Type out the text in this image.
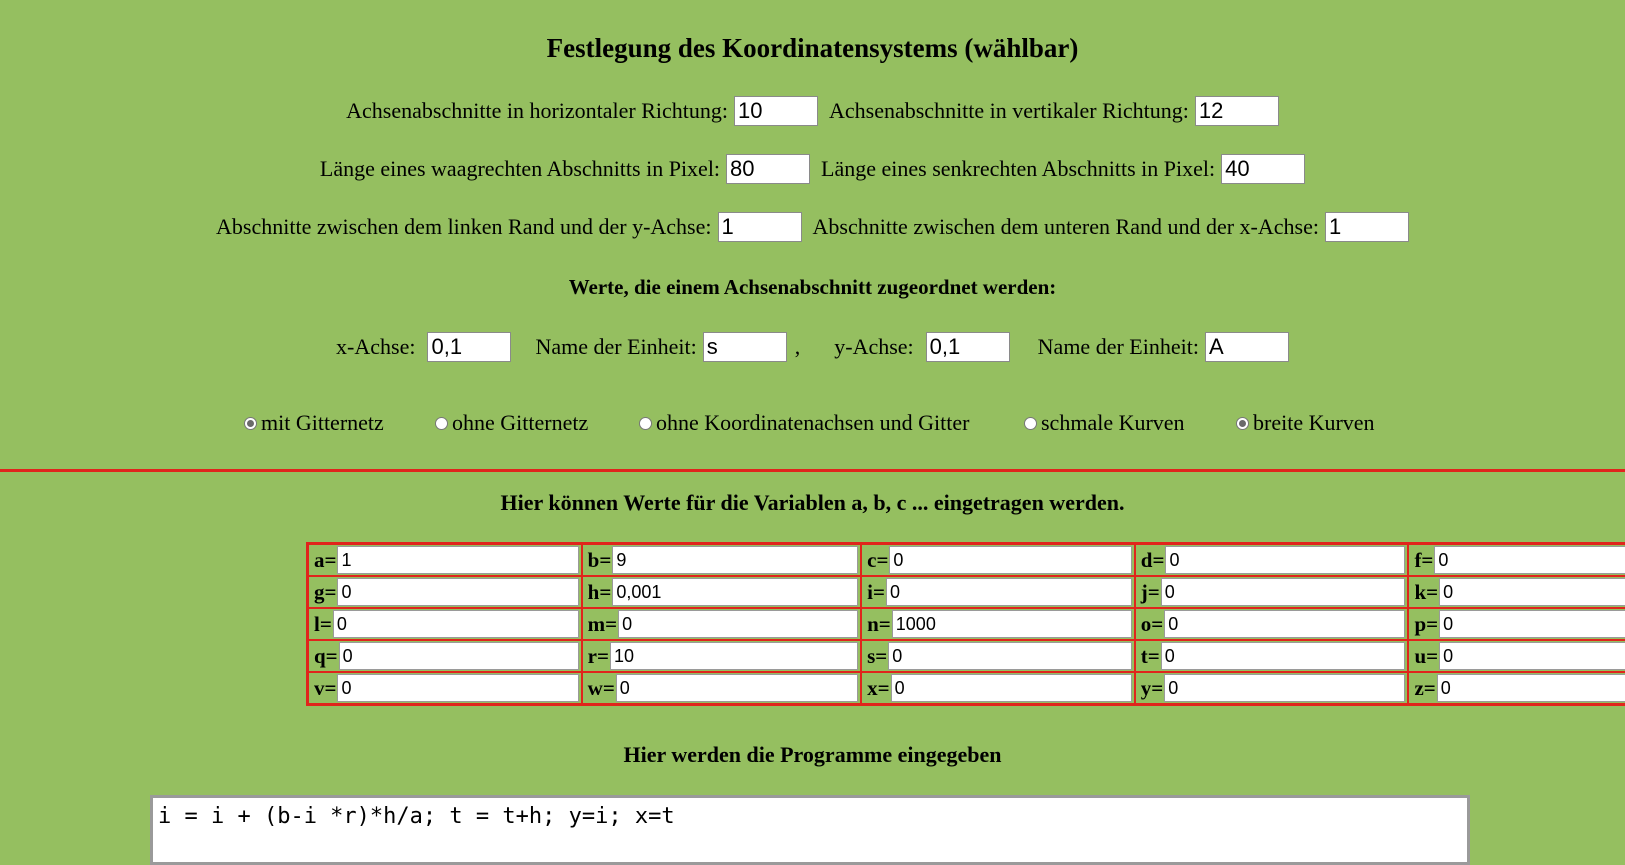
Festlegung des Koordinatensystems (wählbar)
Achsenabschnitte in horizontaler Richtung:
10	Achsenabschnitte in vertikaler Richtung:
12
Länge eines waagrechten Abschnitts in Pixel:
80	Länge eines senkrechten Abschnitts in Pixel:
40
Abschnitte zwischen dem linken Rand und der y-Achse:
1	Abschnitte zwischen dem unteren Rand und der x-Achse:
1
Werte, die einem Achsenabschnitt zugeordnet werden:
x-Achse:
0,1	Name der Einheit:
s	, y-Achse:
0,1	Name der Einheit:
A
mit Gitternetz	ohne Gitternetz	ohne Koordinatenachsen und Gitter	schmale Kurven	breite Kurven
Hier können Werte für die Variablen a, b, c ... eingetragen werden.
a=
1	b=
9	c=
0	d=
0	f=
0

g=
0	h=
0,001	i=
0	j=
0	k=
0

l=
0	m=
0	n=
1000	o=
0	p=
0

q=
0	r=
10	s=
0	t=
0	u=
0

v=
0	w=
0	x=
0	y=
0	z=
0
Hier werden die Programme eingegeben
i = i + (b-i *r)*h/a; t = t+h; y=i; x=t
